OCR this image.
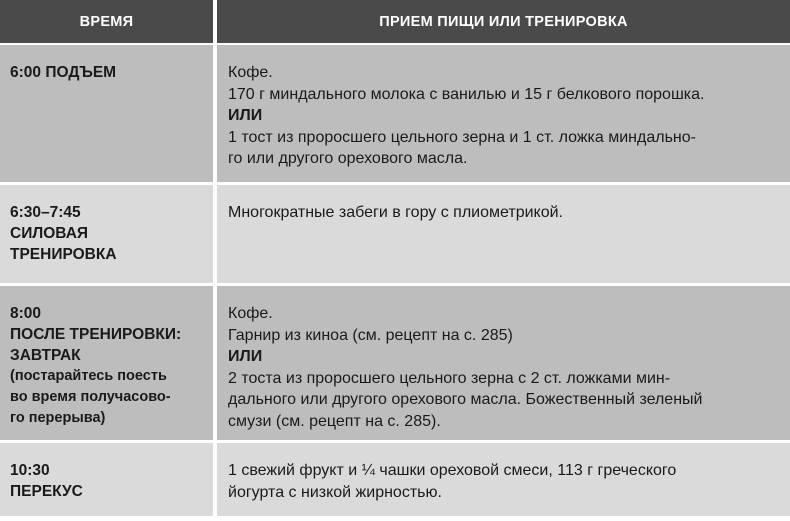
ВРЕМЯ	ПРИЕМ ПИЩИ ИЛИ ТРЕНИРОВКА
6:00 ПОДЪЕМ	Кофе.
170 г миндального молока с ванилью и 15 г белкового порошка.
ИЛИ
1 тост из проросшего цельного зерна и 1 ст. ложка миндально-
го или другого орехового масла.
6:30–7:45
СИЛОВАЯ
ТРЕНИРОВКА
Многократные забеги в гору с плиометрикой.
8:00
ПОСЛЕ ТРЕНИРОВКИ:
ЗАВТРАК
(постарайтесь поесть
во время получасово-
го перерыва)
Кофе.
Гарнир из киноа (см. рецепт на с. 285)
ИЛИ
2 тоста из проросшего цельного зерна с 2 ст. ложками мин-
дального или другого орехового масла. Божественный зеленый
смузи (см. рецепт на с. 285).
10:30
ПЕРЕКУС
1 свежий фрукт и ¼ чашки ореховой смеси, 113 г греческого
йогурта с низкой жирностью.
